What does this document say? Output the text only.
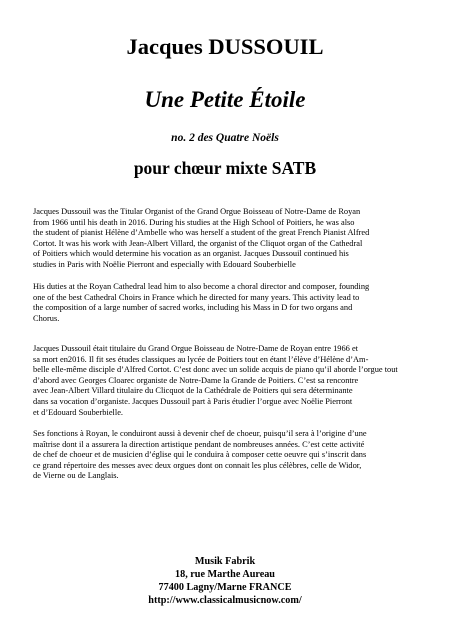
Jacques DUSSOUIL
Une Petite Étoile
no. 2 des Quatre Noëls
pour chœur mixte SATB
Jacques Dussouil was the Titular Organist of the Grand Orgue Boisseau of Notre-Dame de Royan
from 1966 until his death in 2016. During his studies at the High School of Poitiers, he was also
the student of pianist Hélène d’Ambelle who was herself a student of the great French Pianist Alfred
Cortot. It was his work with Jean-Albert Villard, the organist of the Cliquot organ of the Cathedral
of Poitiers which would determine his vocation as an organist. Jacques Dussouil continued his
studies in Paris with Noëlie Pierront and especially with Edouard Souberbielle
His duties at the Royan Cathedral lead him to also become a choral director and composer, founding
one of the best Cathedral Choirs in France which he directed for many years. This activity lead to
the composition of a large number of sacred works, including his Mass in D for two organs and
Chorus.
Jacques Dussouil était titulaire du Grand Orgue Boisseau de Notre-Dame de Royan entre 1966 et
sa mort en2016. Il fit ses études classiques au lycée de Poitiers tout en étant l’élève d’Hélène d’Am-
belle elle-même disciple d’Alfred Cortot. C’est donc avec un solide acquis de piano qu’il aborde l’orgue tout
d’abord avec Georges Cloarec organiste de Notre-Dame la Grande de Poitiers. C’est sa rencontre
avec Jean-Albert Villard titulaire du Clicquot de la Cathédrale de Poitiers qui sera déterminante
dans sa vocation d’organiste. Jacques Dussouil part à Paris étudier l’orgue avec Noëlie Pierront
et d’Edouard Souberbielle.
Ses fonctions à Royan, le conduiront aussi à devenir chef de choeur, puisqu’il sera à l’origine d’une
maîtrise dont il a assurera la direction artistique pendant de nombreuses années. C’est cette activité
de chef de choeur et de musicien d’église qui le conduira à composer cette oeuvre qui s’inscrit dans
ce grand répertoire des messes avec deux orgues dont on connait les plus célèbres, celle de Widor,
de Vierne ou de Langlais.
Musik Fabrik
18, rue Marthe Aureau
77400 Lagny/Marne FRANCE
http://www.classicalmusicnow.com/
